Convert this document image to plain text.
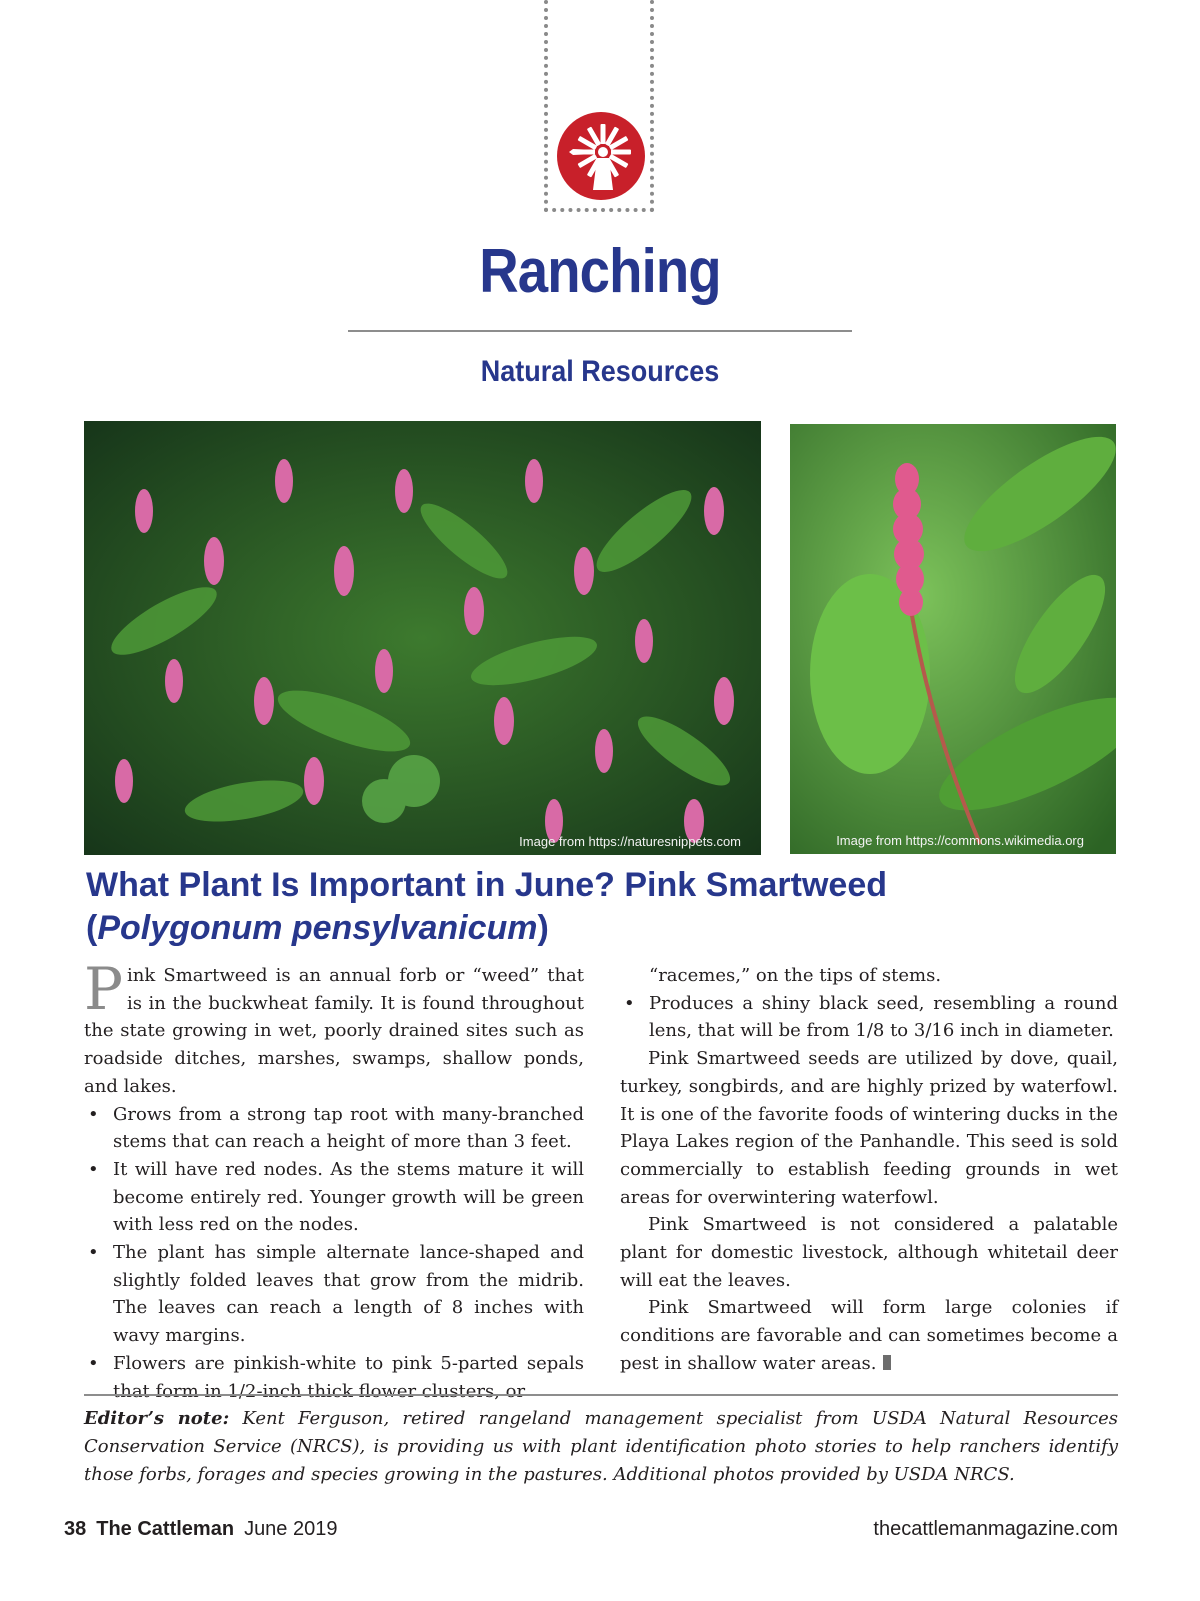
Ranching
Natural Resources
Image from https://naturesnippets.com	Image from https://commons.wikimedia.org
What Plant Is Important in June? Pink Smartweed
(Polygonum pensylvanicum)

Pink Smartweed is an annual forb or “weed” that is in the buckwheat family. It is found throughout the state growing in wet, poorly drained sites such as roadside ditches, marshes, swamps, shallow ponds, and lakes.

• Grows from a strong tap root with many-branched stems that can reach a height of more than 3 feet.
• It will have red nodes. As the stems mature it will become entirely red. Younger growth will be green with less red on the nodes.
• The plant has simple alternate lance-shaped and slightly folded leaves that grow from the midrib. The leaves can reach a length of 8 inches with wavy margins.
• Flowers are pinkish-white to pink 5-parted sepals that form in 1/2-inch thick flower clusters, or

“racemes,” on the tips of stems.

• Produces a shiny black seed, resembling a round lens, that will be from 1/8 to 3/16 inch in diameter.

Pink Smartweed seeds are utilized by dove, quail, turkey, songbirds, and are highly prized by waterfowl. It is one of the favorite foods of wintering ducks in the Playa Lakes region of the Panhandle. This seed is sold commercially to establish feeding grounds in wet areas for overwintering waterfowl.

Pink Smartweed is not considered a palatable plant for domestic livestock, although whitetail deer will eat the leaves.

Pink Smartweed will form large colonies if conditions are favorable and can sometimes become a pest in shallow water areas.

Editor’s note: Kent Ferguson, retired rangeland management specialist from USDA Natural Resources Conservation Service (NRCS), is providing us with plant identification photo stories to help ranchers identify those forbs, forages and species growing in the pastures. Additional photos provided by USDA NRCS.
38 The Cattleman June 2019	thecattlemanmagazine.com
